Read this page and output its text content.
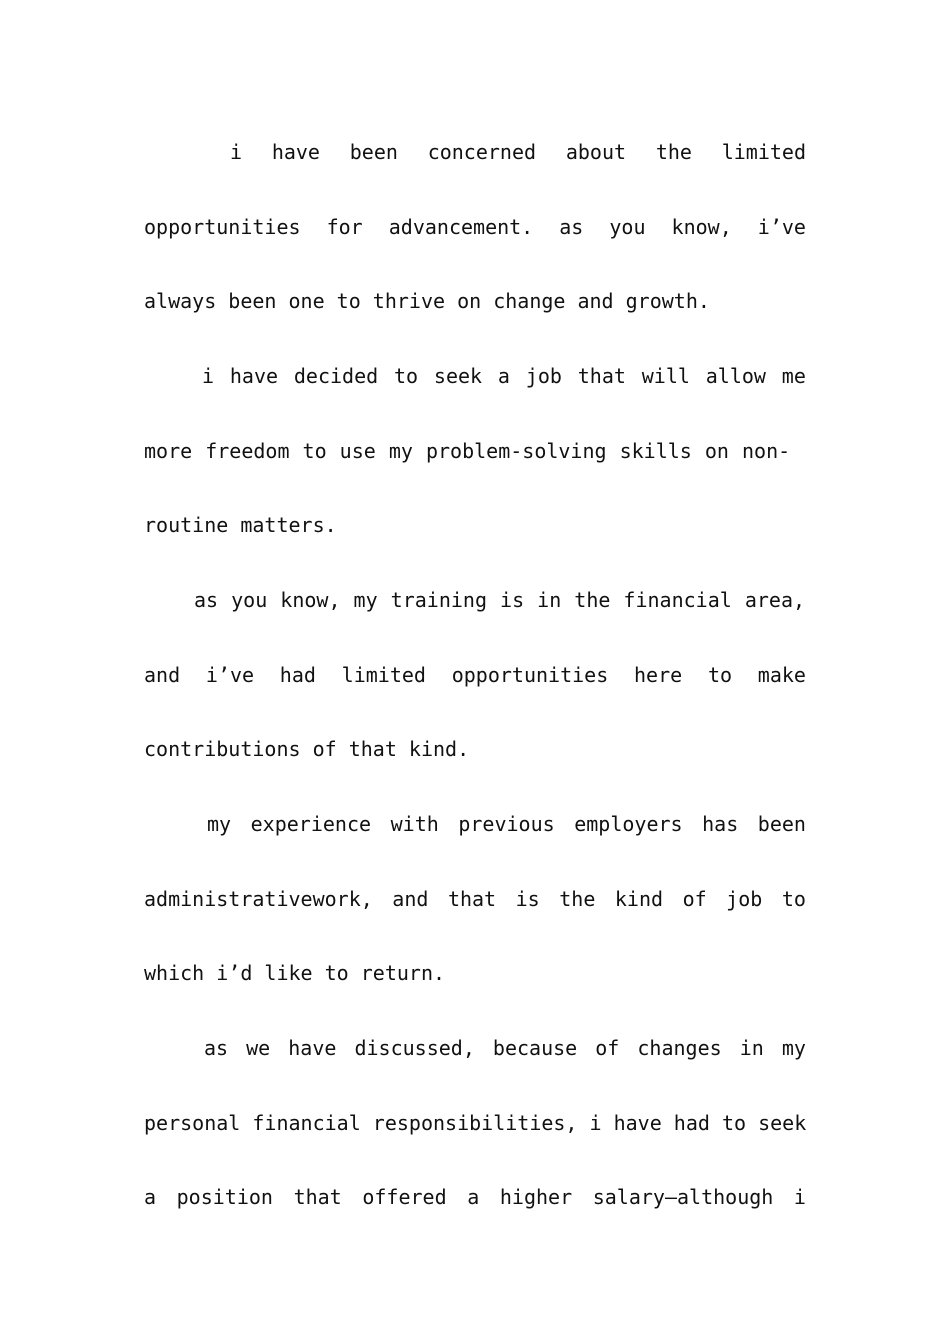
i have been concerned about the limited
opportunities for advancement. as you know, i’ve
always been one to thrive on change and growth.
i have decided to seek a job that will allow me
more freedom to use my problem-solving skills on non-
routine matters.
as you know, my training is in the financial area,
and i’ve had limited opportunities here to make
contributions of that kind.
my experience with previous employers has been
administrativework, and that is the kind of job to
which i’d like to return.
as we have discussed, because of changes in my
personal financial responsibilities, i have had to seek
a position that offered a higher salary–although i
